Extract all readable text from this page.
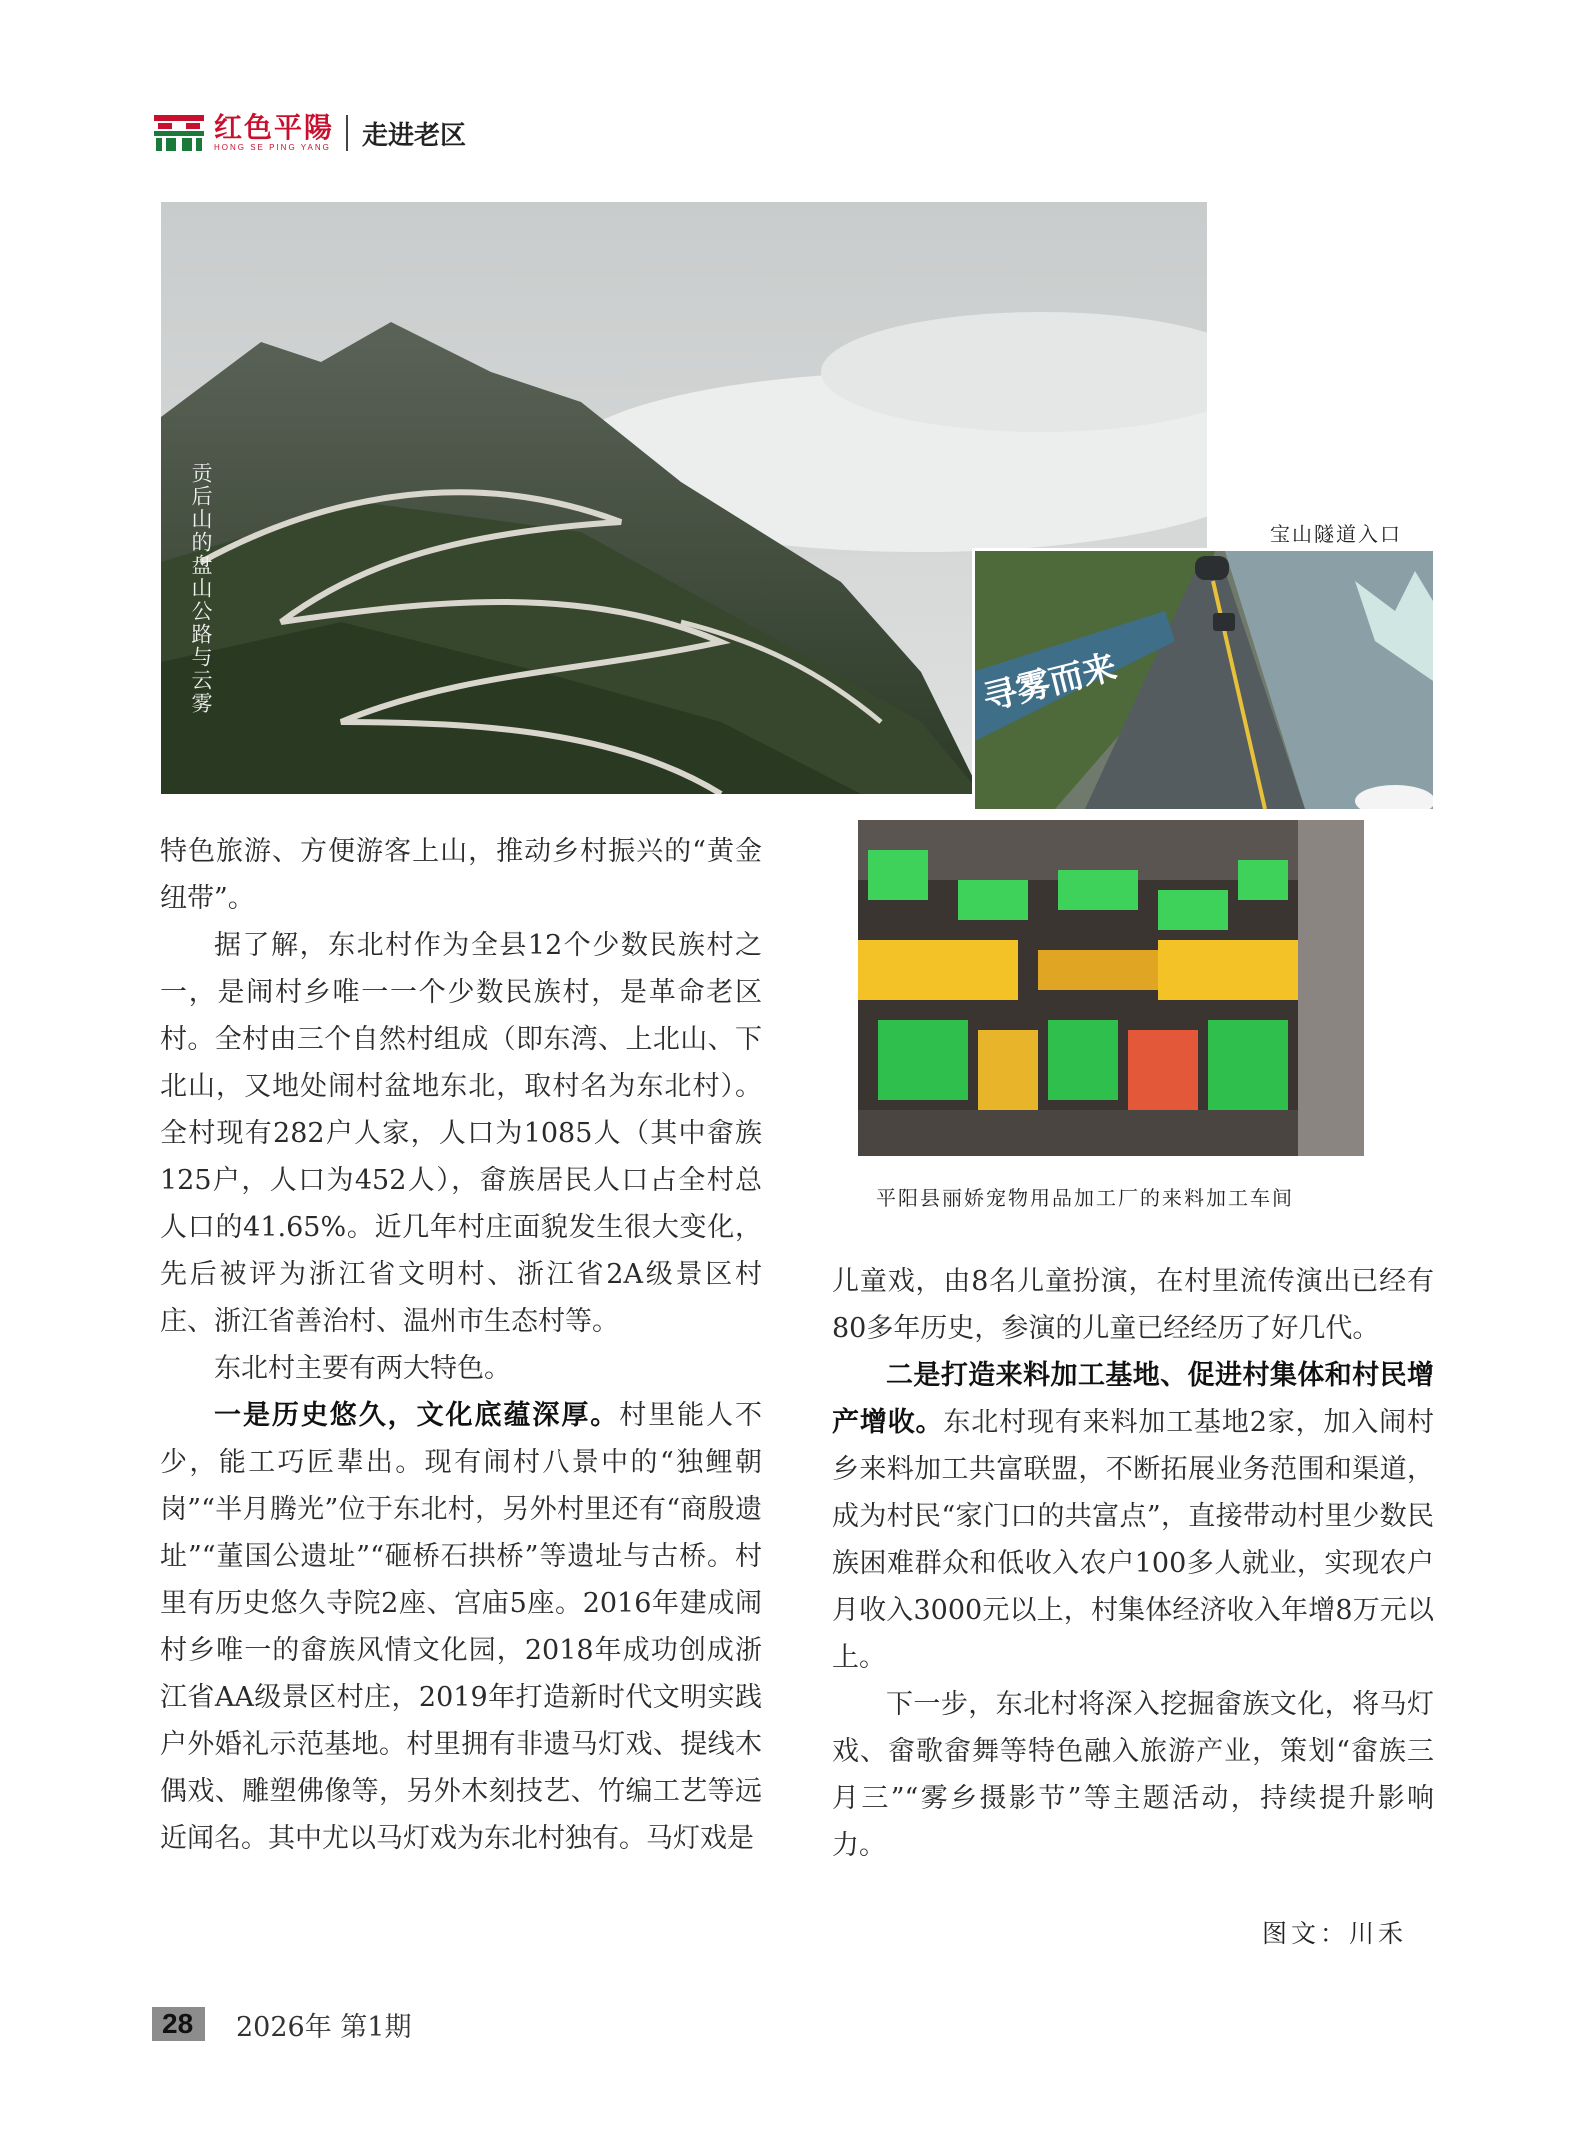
红色平陽
HONG SE PING YANG 走进老区
贡后山的盘山公路与云雾	宝山隧道入口
寻雾而来
平阳县丽娇宠物用品加工厂的来料加工车间

特色旅游、方便游客上山，推动乡村振兴的“黄金纽带”。

据了解，东北村作为全县12个少数民族村之一，是闹村乡唯一一个少数民族村，是革命老区村。全村由三个自然村组成（即东湾、上北山、下北山，又地处闹村盆地东北，取村名为东北村）。全村现有282户人家，人口为1085人（其中畲族125户，人口为452人），畲族居民人口占全村总人口的41.65%。近几年村庄面貌发生很大变化，先后被评为浙江省文明村、浙江省2A级景区村庄、浙江省善治村、温州市生态村等。

东北村主要有两大特色。

一是历史悠久，文化底蕴深厚。村里能人不少，能工巧匠辈出。现有闹村八景中的“独鲤朝岗”“半月腾光”位于东北村，另外村里还有“商殷遗址”“董国公遗址”“砸桥石拱桥”等遗址与古桥。村里有历史悠久寺院2座、宫庙5座。2016年建成闹村乡唯一的畲族风情文化园，2018年成功创成浙江省AA级景区村庄，2019年打造新时代文明实践户外婚礼示范基地。村里拥有非遗马灯戏、提线木偶戏、雕塑佛像等，另外木刻技艺、竹编工艺等远近闻名。其中尤以马灯戏为东北村独有。马灯戏是

儿童戏，由8名儿童扮演，在村里流传演出已经有80多年历史，参演的儿童已经经历了好几代。

二是打造来料加工基地、促进村集体和村民增产增收。东北村现有来料加工基地2家，加入闹村乡来料加工共富联盟，不断拓展业务范围和渠道，成为村民“家门口的共富点”，直接带动村里少数民族困难群众和低收入农户100多人就业，实现农户月收入3000元以上，村集体经济收入年增8万元以上。

下一步，东北村将深入挖掘畲族文化，将马灯戏、畲歌畲舞等特色融入旅游产业，策划“畲族三月三”“雾乡摄影节”等主题活动，持续提升影响力。

图文：川禾
28 2026年 第1期
